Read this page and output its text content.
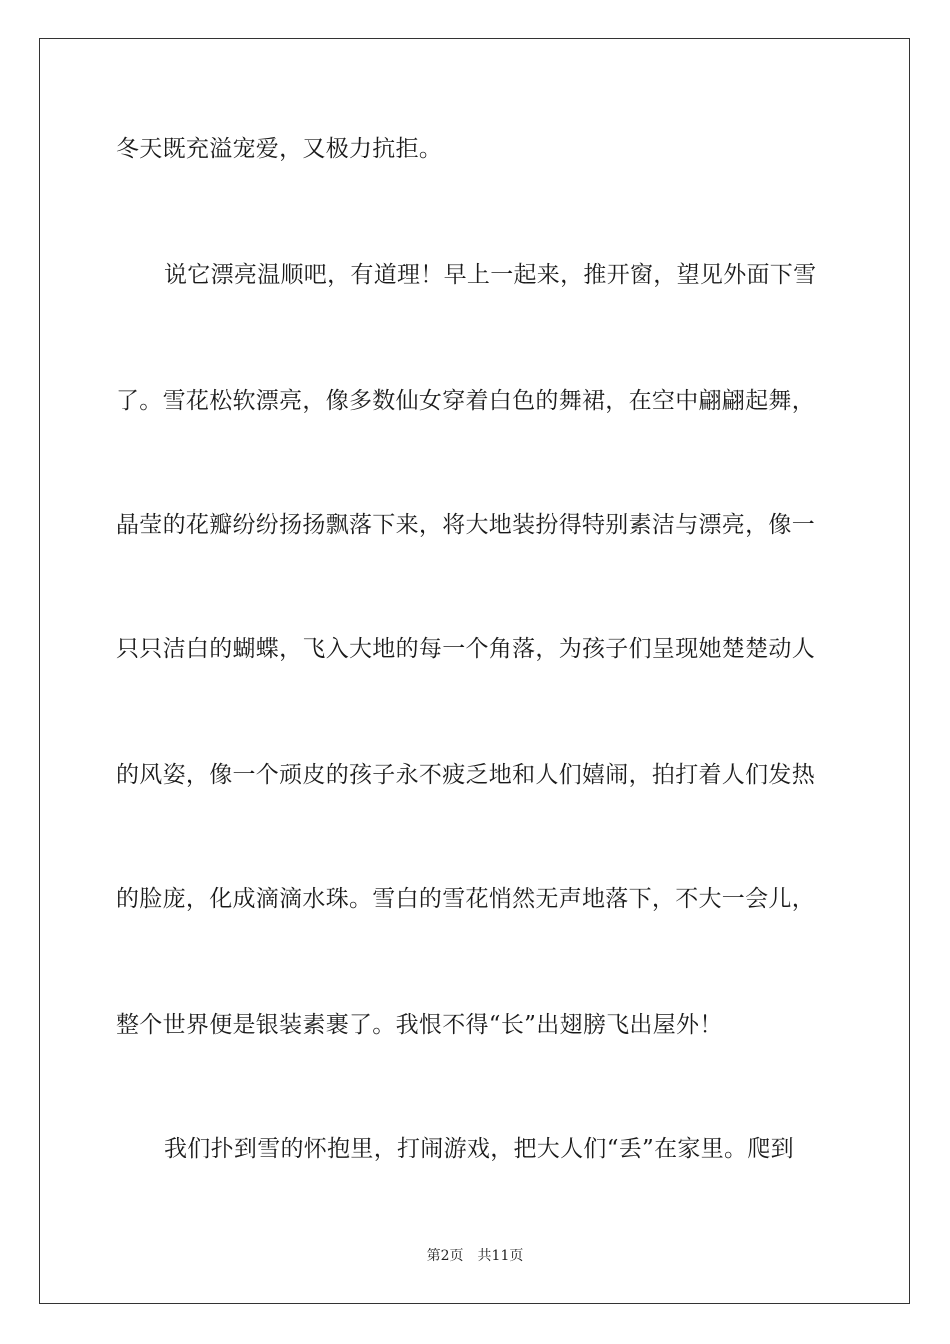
冬天既充溢宠爱，又极力抗拒。
说它漂亮温顺吧，有道理！早上一起来，推开窗，望见外面下雪
了。雪花松软漂亮，像多数仙女穿着白色的舞裙，在空中翩翩起舞，
晶莹的花瓣纷纷扬扬飘落下来，将大地装扮得特别素洁与漂亮，像一
只只洁白的蝴蝶，飞入大地的每一个角落，为孩子们呈现她楚楚动人
的风姿，像一个顽皮的孩子永不疲乏地和人们嬉闹，拍打着人们发热
的脸庞，化成滴滴水珠。雪白的雪花悄然无声地落下，不大一会儿，
整个世界便是银装素裹了。我恨不得“长”出翅膀飞出屋外！
我们扑到雪的怀抱里，打闹游戏，把大人们“丢”在家里。爬到
第2页 共11页
